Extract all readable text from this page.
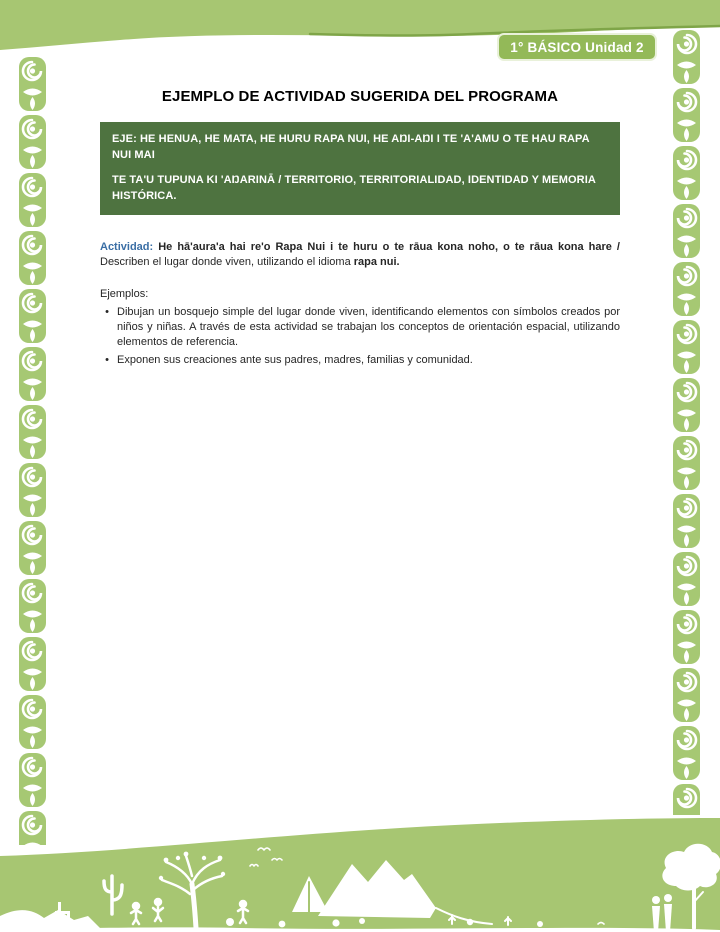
1° BÁSICO Unidad 2
EJEMPLO DE ACTIVIDAD SUGERIDA DEL PROGRAMA

EJE: HE HENUA, HE MATA, HE HURU RAPA NUI, HE AŊI-AŊI I TE 'A'AMU O TE HAU RAPA NUI MAI

TE TA'U TUPUNA KI 'AŊARINĀ / TERRITORIO, TERRITORIALIDAD, IDENTIDAD Y MEMORIA HISTÓRICA.

Actividad: He hā'aura'a hai re'o Rapa Nui i te huru o te rāua kona noho, o te rāua kona hare / Describen el lugar donde viven, utilizando el idioma rapa nui.

Ejemplos:

• Dibujan un bosquejo simple del lugar donde viven, identificando elementos con símbolos creados por niños y niñas. A través de esta actividad se trabajan los conceptos de orientación espacial, utilizando elementos de referencia.
• Exponen sus creaciones ante sus padres, madres, familias y comunidad.
